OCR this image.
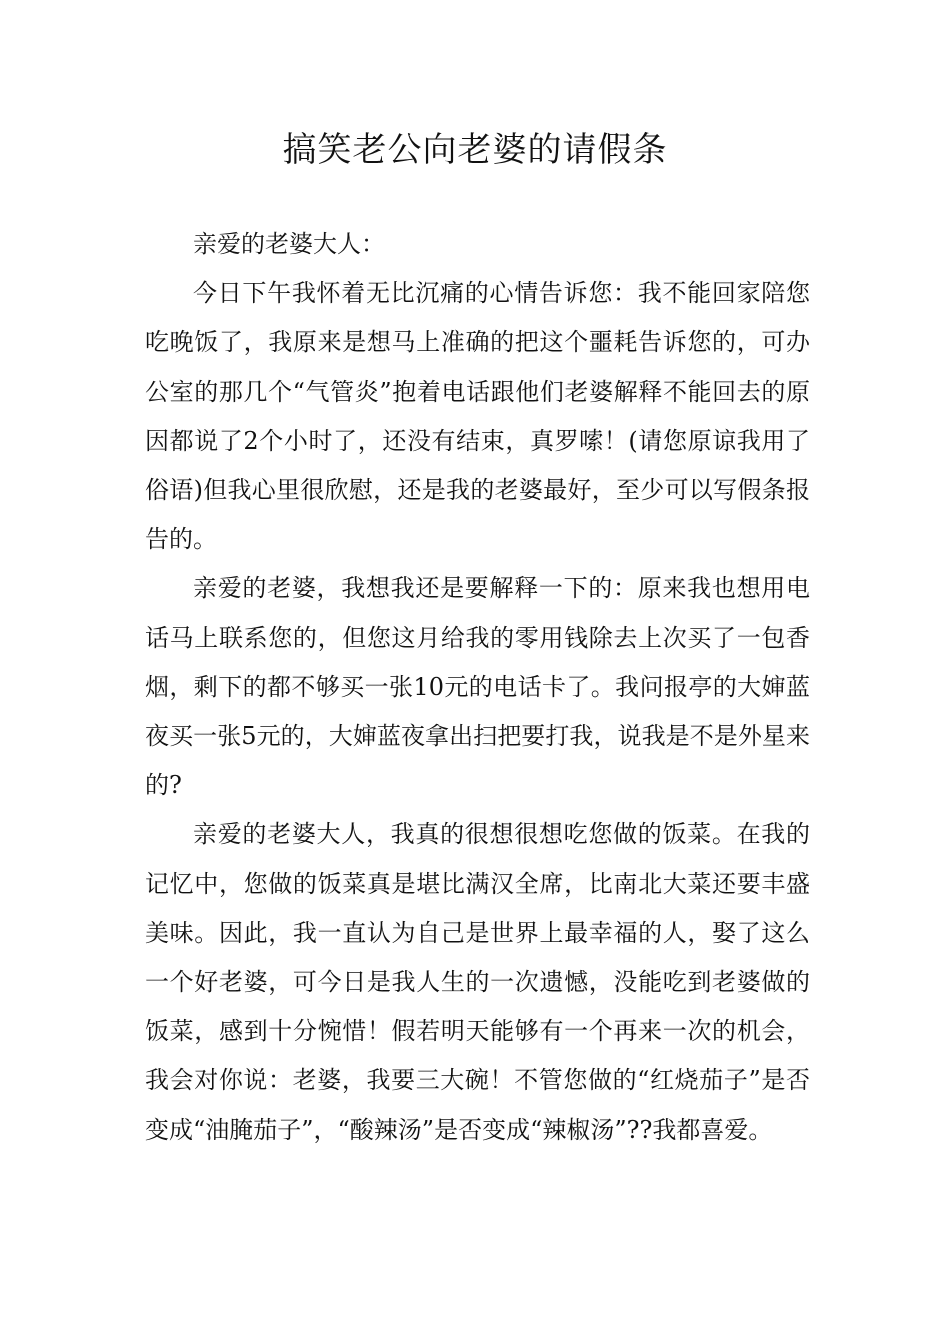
搞笑老公向老婆的请假条

亲爱的老婆大人：

今日下午我怀着无比沉痛的心情告诉您：我不能回家陪您吃晚饭了，我原来是想马上准确的把这个噩耗告诉您的，可办公室的那几个“气管炎”抱着电话跟他们老婆解释不能回去的原因都说了2个小时了，还没有结束，真罗嗦！(请您原谅我用了俗语)但我心里很欣慰，还是我的老婆最好，至少可以写假条报告的。

亲爱的老婆，我想我还是要解释一下的：原来我也想用电话马上联系您的，但您这月给我的零用钱除去上次买了一包香烟，剩下的都不够买一张10元的电话卡了。我问报亭的大婶蓝夜买一张5元的，大婶蓝夜拿出扫把要打我，说我是不是外星来的?

亲爱的老婆大人，我真的很想很想吃您做的饭菜。在我的记忆中，您做的饭菜真是堪比满汉全席，比南北大菜还要丰盛美味。因此，我一直认为自己是世界上最幸福的人，娶了这么一个好老婆，可今日是我人生的一次遗憾，没能吃到老婆做的饭菜，感到十分惋惜！假若明天能够有一个再来一次的机会，我会对你说：老婆，我要三大碗！不管您做的“红烧茄子”是否变成“油腌茄子”，“酸辣汤”是否变成“辣椒汤”??我都喜爱。
